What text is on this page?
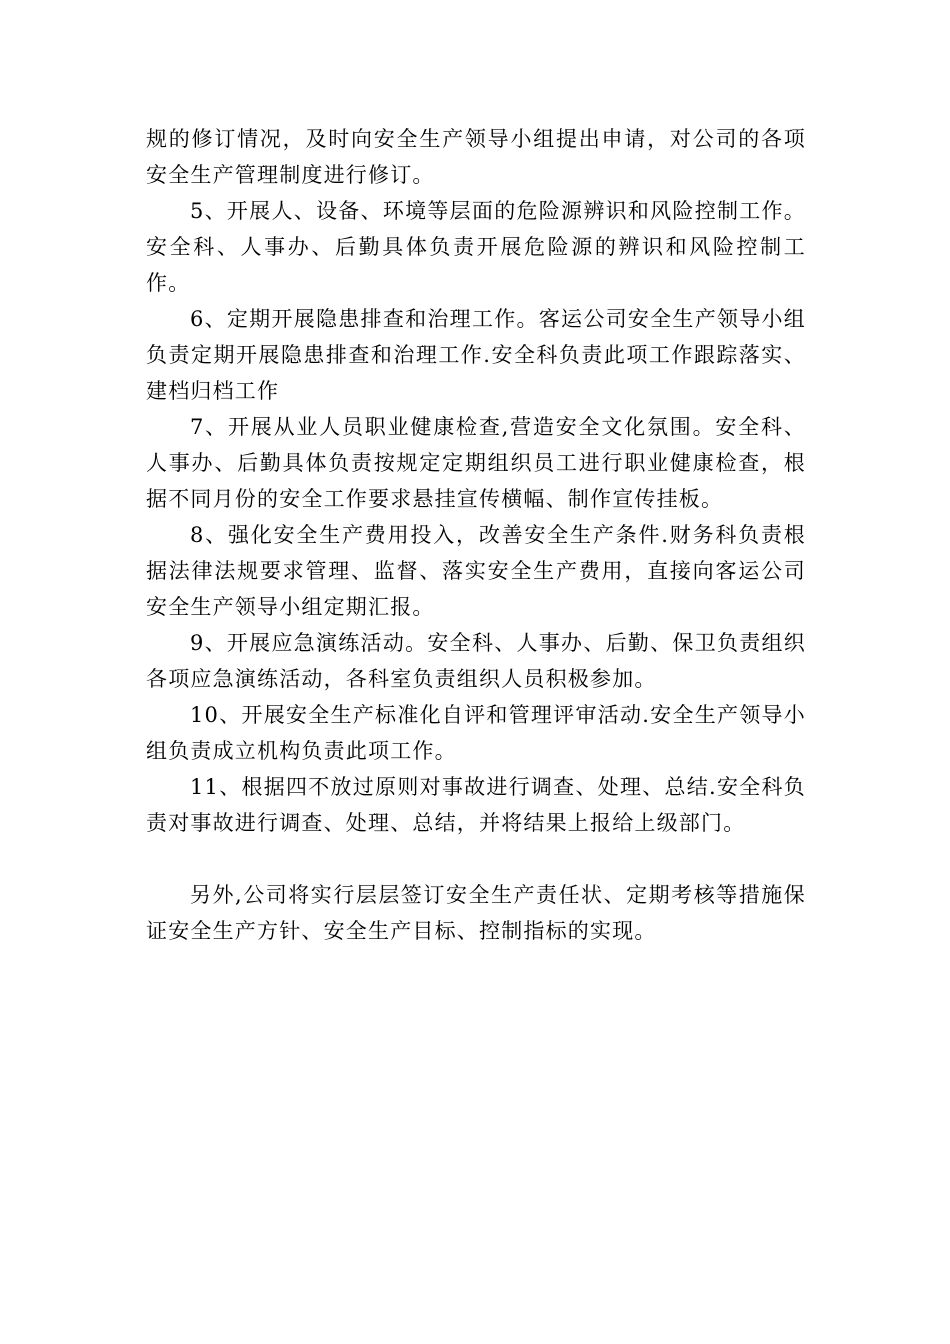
规的修订情况，及时向安全生产领导小组提出申请，对公司的各项安全生产管理制度进行修订。

5、开展人、设备、环境等层面的危险源辨识和风险控制工作。安全科、人事办、后勤具体负责开展危险源的辨识和风险控制工作。

6、定期开展隐患排查和治理工作。客运公司安全生产领导小组负责定期开展隐患排查和治理工作.安全科负责此项工作跟踪落实、建档归档工作

7、开展从业人员职业健康检查,营造安全文化氛围。安全科、人事办、后勤具体负责按规定定期组织员工进行职业健康检查，根据不同月份的安全工作要求悬挂宣传横幅、制作宣传挂板。

8、强化安全生产费用投入，改善安全生产条件.财务科负责根据法律法规要求管理、监督、落实安全生产费用，直接向客运公司安全生产领导小组定期汇报。

9、开展应急演练活动。安全科、人事办、后勤、保卫负责组织各项应急演练活动，各科室负责组织人员积极参加。

10、开展安全生产标准化自评和管理评审活动.安全生产领导小组负责成立机构负责此项工作。

11、根据四不放过原则对事故进行调查、处理、总结.安全科负责对事故进行调查、处理、总结，并将结果上报给上级部门。

另外,公司将实行层层签订安全生产责任状、定期考核等措施保证安全生产方针、安全生产目标、控制指标的实现。
